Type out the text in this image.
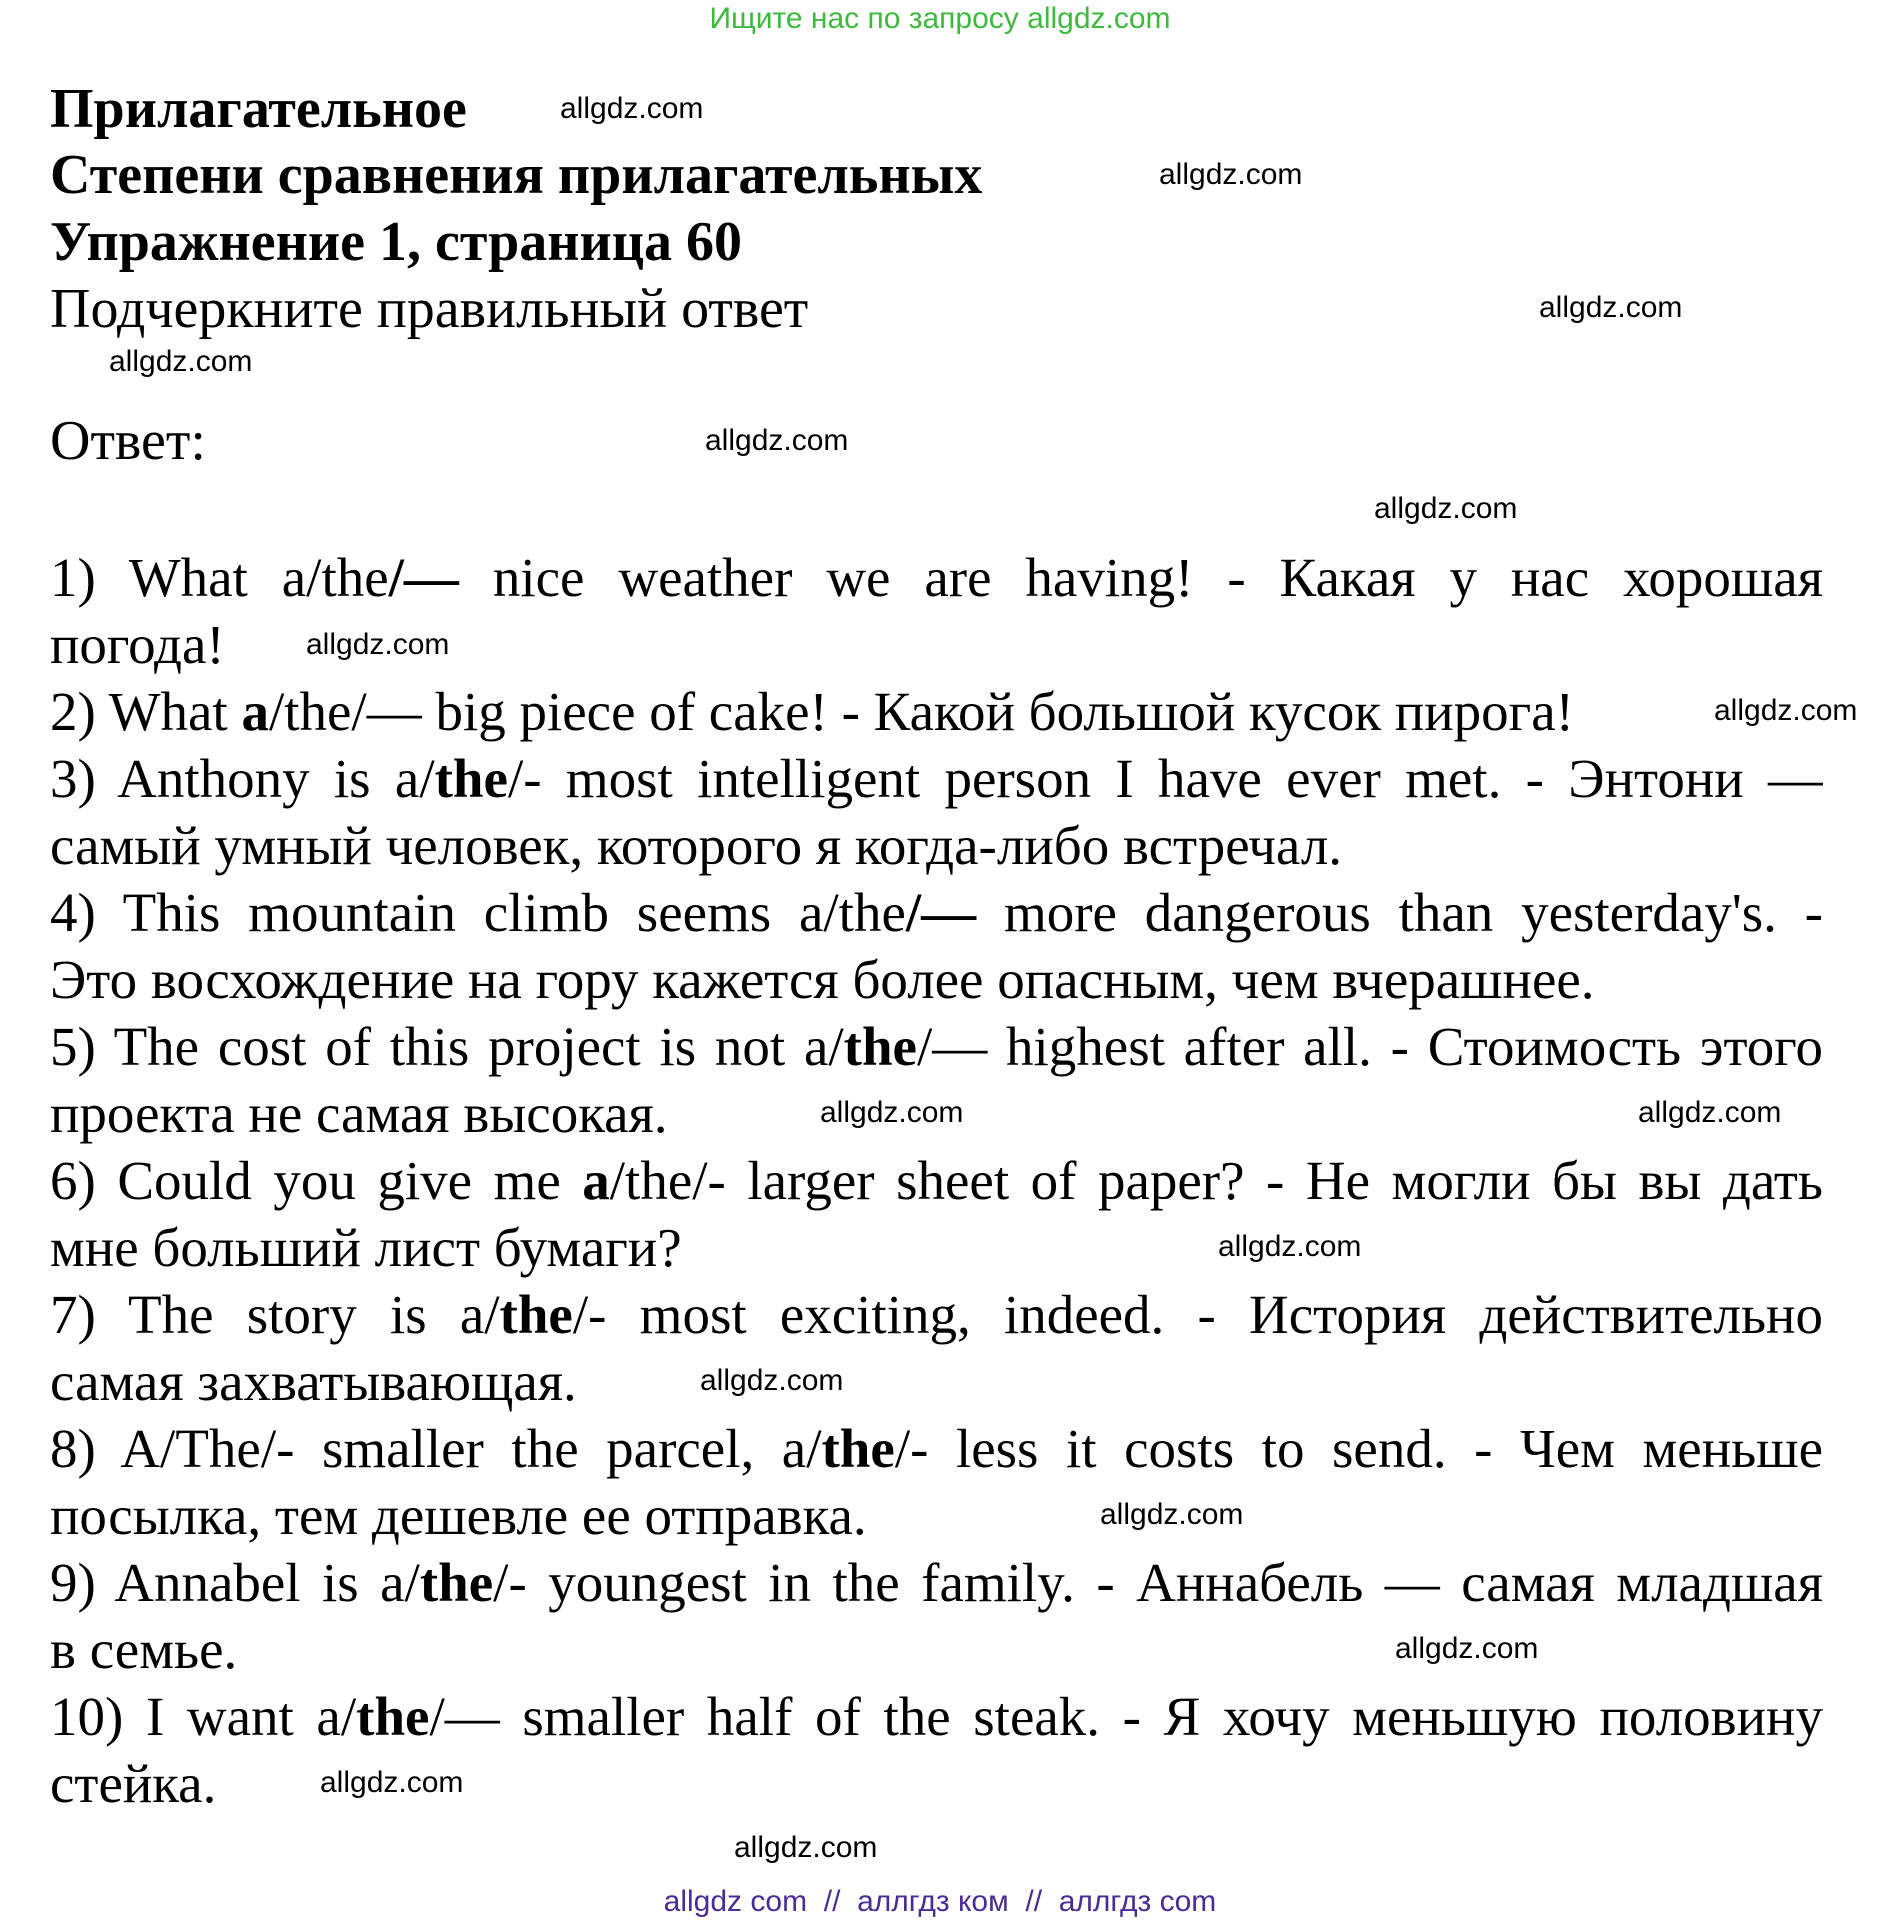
Ищите нас по запросу allgdz.com
Прилагательное
Степени сравнения прилагательных
Упражнение 1, страница 60
Подчеркните правильный ответ
Ответ:
1) What a/the/— nice weather we are having! - Какая у нас хорошая
погода!
2) What a/the/— big piece of cake! - Какой большой кусок пирога!
3) Anthony is a/the/- most intelligent person I have ever met. - Энтони —
самый умный человек, которого я когда-либо встречал.
4) This mountain climb seems a/the/— more dangerous than yesterday's. -
Это восхождение на гору кажется более опасным, чем вчерашнее.
5) The cost of this project is not a/the/— highest after all. - Стоимость этого
проекта не самая высокая.
6) Could you give me a/the/- larger sheet of paper? - Не могли бы вы дать
мне больший лист бумаги?
7) The story is a/the/- most exciting, indeed. - История действительно
самая захватывающая.
8) A/The/- smaller the parcel, a/the/- less it costs to send. - Чем меньше
посылка, тем дешевле ее отправка.
9) Annabel is a/the/- youngest in the family. - Аннабель — самая младшая
в семье.
10) I want a/the/— smaller half of the steak. - Я хочу меньшую половину
стейка.
allgdz.com
allgdz.com
allgdz.com
allgdz.com
allgdz.com
allgdz.com
allgdz.com
allgdz.com
allgdz.com	allgdz.com
allgdz.com
allgdz.com
allgdz.com
allgdz.com
allgdz.com
allgdz.com
allgdz com  //  аллгдз ком  //  аллгдз com
